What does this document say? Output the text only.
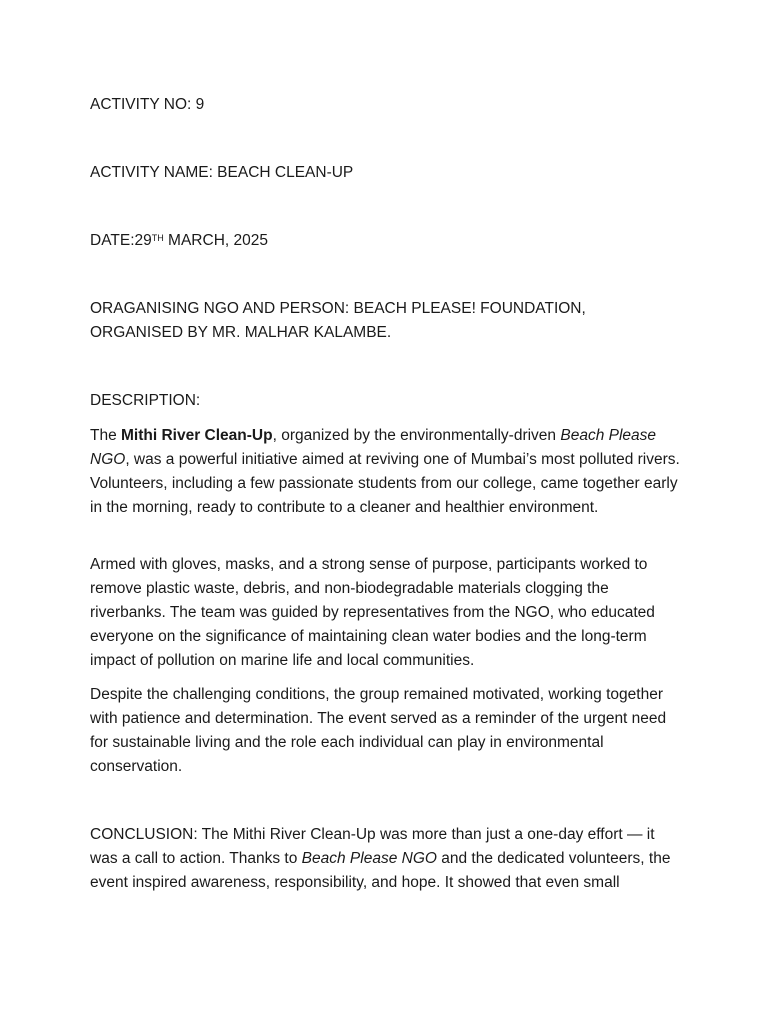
ACTIVITY NO: 9
ACTIVITY NAME: BEACH CLEAN-UP
DATE:29TH MARCH, 2025
ORAGANISING NGO AND PERSON: BEACH PLEASE! FOUNDATION, ORGANISED BY MR. MALHAR KALAMBE.
DESCRIPTION:

The Mithi River Clean-Up, organized by the environmentally-driven Beach Please NGO, was a powerful initiative aimed at reviving one of Mumbai’s most polluted rivers. Volunteers, including a few passionate students from our college, came together early in the morning, ready to contribute to a cleaner and healthier environment.

Armed with gloves, masks, and a strong sense of purpose, participants worked to remove plastic waste, debris, and non-biodegradable materials clogging the riverbanks. The team was guided by representatives from the NGO, who educated everyone on the significance of maintaining clean water bodies and the long-term impact of pollution on marine life and local communities.

Despite the challenging conditions, the group remained motivated, working together with patience and determination. The event served as a reminder of the urgent need for sustainable living and the role each individual can play in environmental conservation.

CONCLUSION: The Mithi River Clean-Up was more than just a one-day effort — it was a call to action. Thanks to Beach Please NGO and the dedicated volunteers, the event inspired awareness, responsibility, and hope. It showed that even small
